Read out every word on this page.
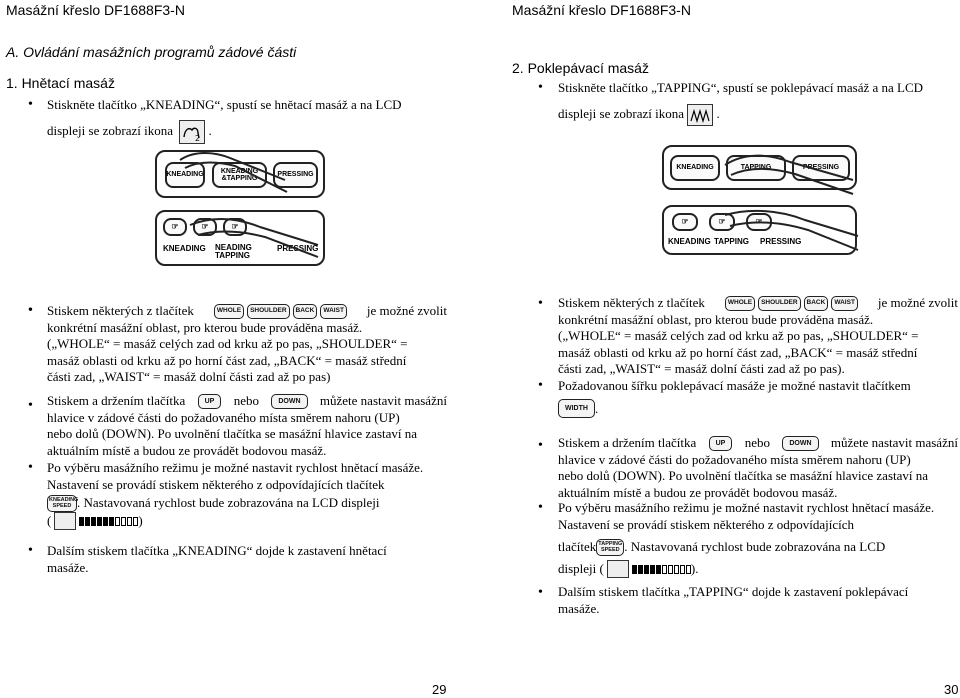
Masážní křeslo DF1688F3-N	Masážní křeslo DF1688F3-N
A. Ovládání masážních programů zádové části
1. Hnětací masáž
• Stiskněte tlačítko „KNEADING“, spustí se hnětací masáž a na LCD
displeji se zobrazí ikona
2
.
KNEADING
KNEADING &TAPPING
PRESSING
☞	☞	☞
KNEADING NEADING TAPPING
PRESSING
Stiskem některých z tlačítek	WHOLE	SHOULDER	BACK	WAIST je možné zvolit
konkrétní masážní oblast, pro kterou bude prováděna masáž.
(„WHOLE“ = masáž celých zad od krku až po pas, „SHOULDER“ =
masáž oblasti od krku až po horní část zad, „BACK“ = masáž střední
části zad, „WAIST“ = masáž dolní části zad až po pas)
•
Stiskem a držením tlačítka	UP	nebo	DOWN	můžete nastavit masážní
hlavice v zádové části do požadovaného místa směrem nahoru (UP)
nebo dolů (DOWN). Po uvolnění tlačítka se masážní hlavice zastaví na
aktuálním místě a budou ze provádět bodovou masáž.
•
Po výběru masážního režimu je možné nastavit rychlost hnětací masáže.
Nastavení se provádí stiskem některého z odpovídajících tlačítek
KNEADING SPEED . Nastavovaná rychlost bude zobrazována na LCD displeji
(	)
•
Dalším stiskem tlačítka „KNEADING“ dojde k zastavení hnětací
masáže.
•
29
2. Poklepávací masáž
Stiskněte tlačítko „TAPPING“, spustí se poklepávací masáž a na LCD
•
displeji se zobrazí ikona	.
KNEADING	TAPPING	PRESSING
☞	☞	☞
KNEADING TAPPING PRESSING
Stiskem některých z tlačítek	WHOLE	SHOULDER	BACK	WAIST je možné zvolit
konkrétní masážní oblast, pro kterou bude prováděna masáž.
(„WHOLE“ = masáž celých zad od krku až po pas, „SHOULDER“ =
masáž oblasti od krku až po horní část zad, „BACK“ = masáž střední
části zad, „WAIST“ = masáž dolní části zad až po pas).
•
Požadovanou šířku poklepávací masáže je možné nastavit tlačítkem
WIDTH .
•
Stiskem a držením tlačítka	UP	nebo	DOWN	můžete nastavit masážní
hlavice v zádové části do požadovaného místa směrem nahoru (UP)
nebo dolů (DOWN). Po uvolnění tlačítka se masážní hlavice zastaví na
aktuálním místě a budou ze provádět bodovou masáž.
•
Po výběru masážního režimu je možné nastavit rychlost hnětací masáže.
Nastavení se provádí stiskem některého z odpovídajících
tlačítek TAPPING SPEED . Nastavovaná rychlost bude zobrazována na LCD
displeji (	).
•
Dalším stiskem tlačítka „TAPPING“ dojde k zastavení poklepávací
masáže.
•
30
